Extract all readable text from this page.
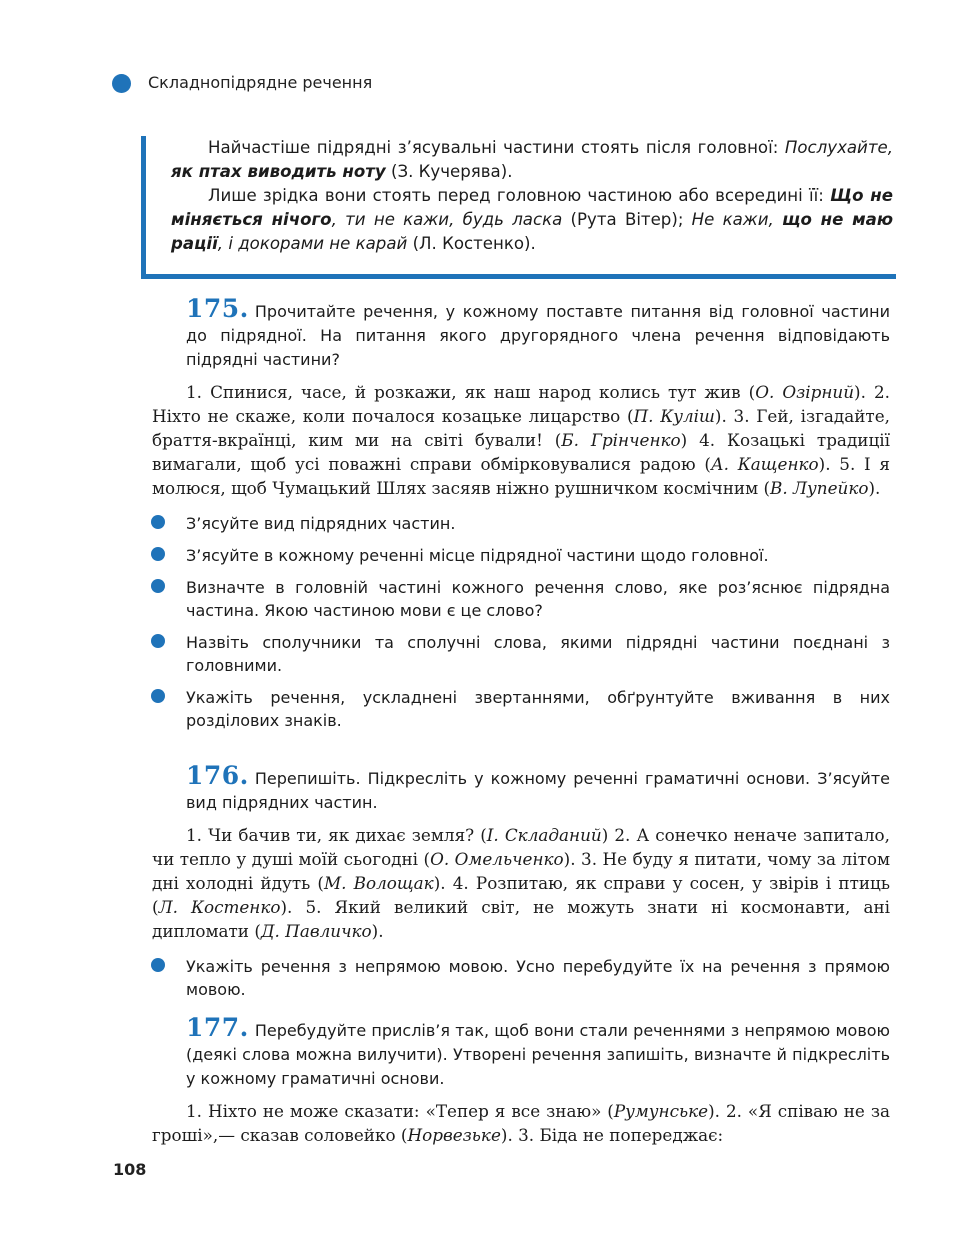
Складнопідрядне речення

Найчастіше підрядні з’ясувальні частини стоять після головної: Послухайте, як птах виводить ноту (З. Кучерява).

Лише зрідка вони стоять перед головною частиною або всередині її: Що не міняється нічого, ти не кажи, будь ласка (Рута Вітер); Не кажи, що не маю рації, і докорами не карай (Л. Костенко).

175. Прочитайте речення, у кожному поставте питання від головної частини до підрядної. На питання якого другорядного члена речення відповідають підрядні частини?
1. Спинися, часе, й розкажи, як наш народ колись тут жив (О. Озірний). 2. Ніхто не скаже, коли почалося козацьке лицарство (П. Куліш). 3. Гей, ізгадайте, браття-вкраїнці, ким ми на світі бували! (Б. Грінченко) 4. Козацькі традиції вимагали, щоб усі поважні справи обмірковувалися радою (А. Кащенко). 5. І я молюся, щоб Чумацький Шлях засяяв ніжно рушничком космічним (В. Лупейко).
З’ясуйте вид підрядних частин.
З’ясуйте в кожному реченні місце підрядної частини щодо головної.
Визначте в головній частині кожного речення слово, яке роз’яснює підрядна частина. Якою частиною мови є це слово?
Назвіть сполучники та сполучні слова, якими підрядні частини поєднані з головними.
Укажіть речення, ускладнені звертаннями, обґрунтуйте вживання в них розділових знаків.
176. Перепишіть. Підкресліть у кожному реченні граматичні основи. З’ясуйте вид підрядних частин.
1. Чи бачив ти, як дихає земля? (І. Складаний) 2. А сонечко неначе запитало, чи тепло у душі моїй сьогодні (О. Омельченко). 3. Не буду я питати, чому за літом дні холодні йдуть (М. Волощак). 4. Розпитаю, як справи у сосен, у звірів і птиць (Л. Костенко). 5. Який великий світ, не можуть знати ні космонавти, ані дипломати (Д. Павличко).
Укажіть речення з непрямою мовою. Усно перебудуйте їх на речення з прямою мовою.
177. Перебудуйте прислів’я так, щоб вони стали реченнями з непрямою мовою (деякі слова можна вилучити). Утворені речення запишіть, визначте й підкресліть у кожному граматичні основи.
1. Ніхто не може сказати: «Тепер я все знаю» (Румунське). 2. «Я співаю не за гроші»,— сказав соловейко (Норвезьке). 3. Біда не попереджає:
108
